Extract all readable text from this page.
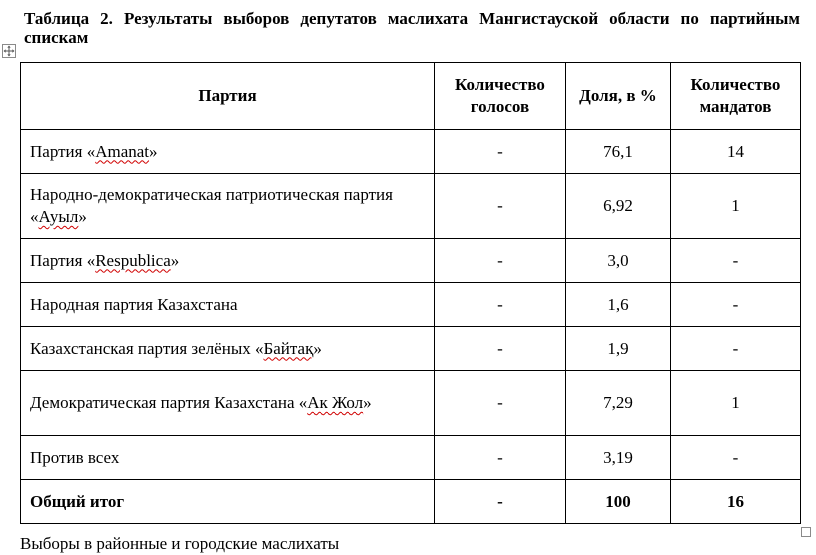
Таблица 2. Результаты выборов депутатов маслихата Мангистауской области по партийным спискам
Партия	Количество голосов	Доля, в %	Количество мандатов
Партия «Amanat»	-	76,1	14
Народно-демократическая патриотическая партия «Ауыл»	-	6,92	1
Партия «Respublica»	-	3,0	-
Народная партия Казахстана	-	1,6	-
Казахстанская партия зелёных «Байтақ»	-	1,9	-
Демократическая партия Казахстана «Ак Жол»	-	7,29	1
Против всех	-	3,19	-
Общий итог	-	100	16
Выборы в районные и городские маслихаты
